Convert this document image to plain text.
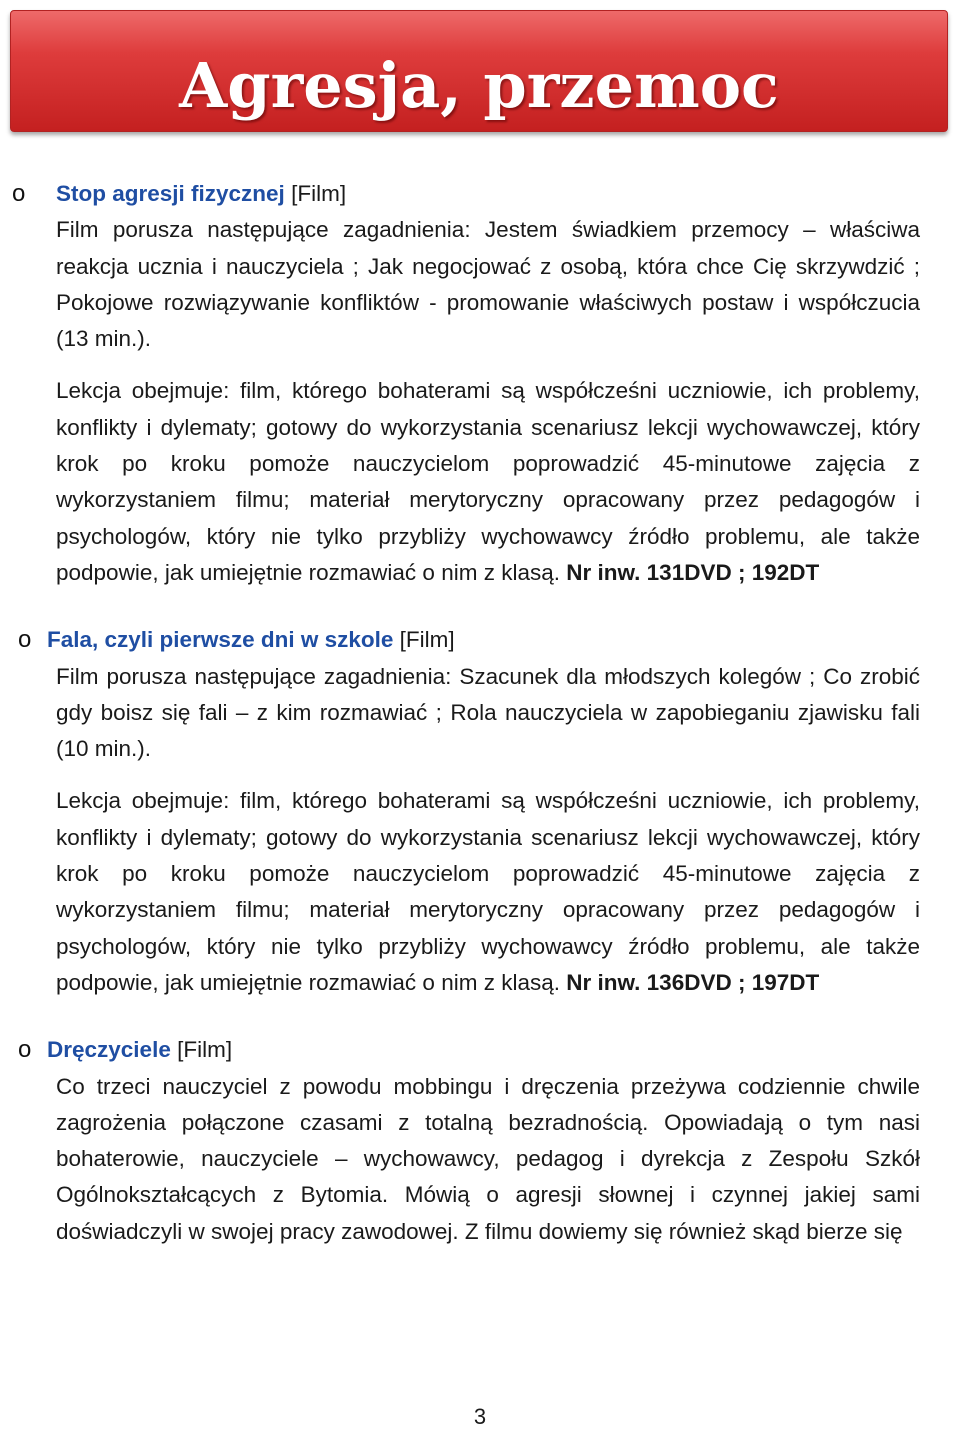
Agresja, przemoc
o Stop agresji fizycznej [Film]
Film porusza następujące zagadnienia: Jestem świadkiem przemocy – właściwa reakcja ucznia i nauczyciela ; Jak negocjować z osobą, która chce Cię skrzywdzić ; Pokojowe rozwiązywanie konfliktów - promowanie właściwych postaw i współczucia (13 min.).
Lekcja obejmuje: film, którego bohaterami są współcześni uczniowie, ich problemy, konflikty i dylematy; gotowy do wykorzystania scenariusz lekcji wychowawczej, który krok po kroku pomoże nauczycielom poprowadzić 45-minutowe zajęcia z wykorzystaniem filmu; materiał merytoryczny opracowany przez pedagogów i psychologów, który nie tylko przybliży wychowawcy źródło problemu, ale także podpowie, jak umiejętnie rozmawiać o nim z klasą. Nr inw. 131DVD ; 192DT
o Fala, czyli pierwsze dni w szkole [Film]
Film porusza następujące zagadnienia: Szacunek dla młodszych kolegów ; Co zrobić gdy boisz się fali – z kim rozmawiać ; Rola nauczyciela w zapobieganiu zjawisku fali (10 min.).
Lekcja obejmuje: film, którego bohaterami są współcześni uczniowie, ich problemy, konflikty i dylematy; gotowy do wykorzystania scenariusz lekcji wychowawczej, który krok po kroku pomoże nauczycielom poprowadzić 45-minutowe zajęcia z wykorzystaniem filmu; materiał merytoryczny opracowany przez pedagogów i psychologów, który nie tylko przybliży wychowawcy źródło problemu, ale także podpowie, jak umiejętnie rozmawiać o nim z klasą. Nr inw. 136DVD ; 197DT
o Dręczyciele [Film]
Co trzeci nauczyciel z powodu mobbingu i dręczenia przeżywa codziennie chwile zagrożenia połączone czasami z totalną bezradnością. Opowiadają o tym nasi bohaterowie, nauczyciele – wychowawcy, pedagog i dyrekcja z Zespołu Szkół Ogólnokształcących z Bytomia. Mówią o agresji słownej i czynnej jakiej sami doświadczyli w swojej pracy zawodowej. Z filmu dowiemy się również skąd bierze się
3
